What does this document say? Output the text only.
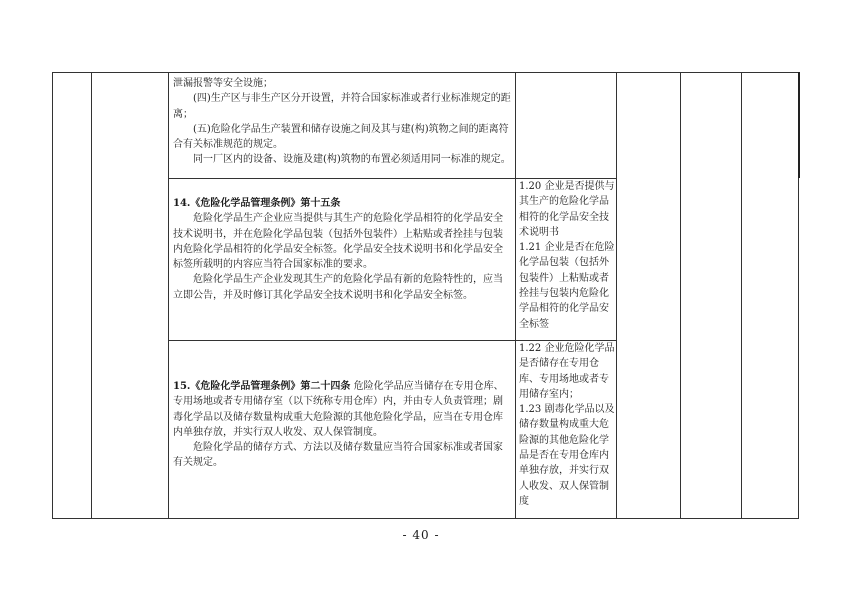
泄漏报警等安全设施；

(四)生产区与非生产区分开设置，并符合国家标准或者行业标准规定的距离；

(五)危险化学品生产装置和储存设施之间及其与建(构)筑物之间的距离符合有关标准规范的规定。

同一厂区内的设备、设施及建(构)筑物的布置必须适用同一标准的规定。

14.《危险化学品管理条例》第十五条

危险化学品生产企业应当提供与其生产的危险化学品相符的化学品安全技术说明书，并在危险化学品包装（包括外包装件）上粘贴或者拴挂与包装内危险化学品相符的化学品安全标签。化学品安全技术说明书和化学品安全标签所载明的内容应当符合国家标准的要求。

危险化学品生产企业发现其生产的危险化学品有新的危险特性的，应当立即公告，并及时修订其化学品安全技术说明书和化学品安全标签。

1.20 企业是否提供与其生产的危险化学品相符的化学品安全技术说明书

1.21 企业是否在危险化学品包装（包括外包装件）上粘贴或者拴挂与包装内危险化学品相符的化学品安全标签

15.《危险化学品管理条例》第二十四条 危险化学品应当储存在专用仓库、专用场地或者专用储存室（以下统称专用仓库）内，并由专人负责管理；剧毒化学品以及储存数量构成重大危险源的其他危险化学品，应当在专用仓库内单独存放，并实行双人收发、双人保管制度。

危险化学品的储存方式、方法以及储存数量应当符合国家标准或者国家有关规定。

1.22 企业危险化学品是否储存在专用仓库、专用场地或者专用储存室内；

1.23 剧毒化学品以及储存数量构成重大危险源的其他危险化学品是否在专用仓库内单独存放，并实行双人收发、双人保管制度

- 40 -
